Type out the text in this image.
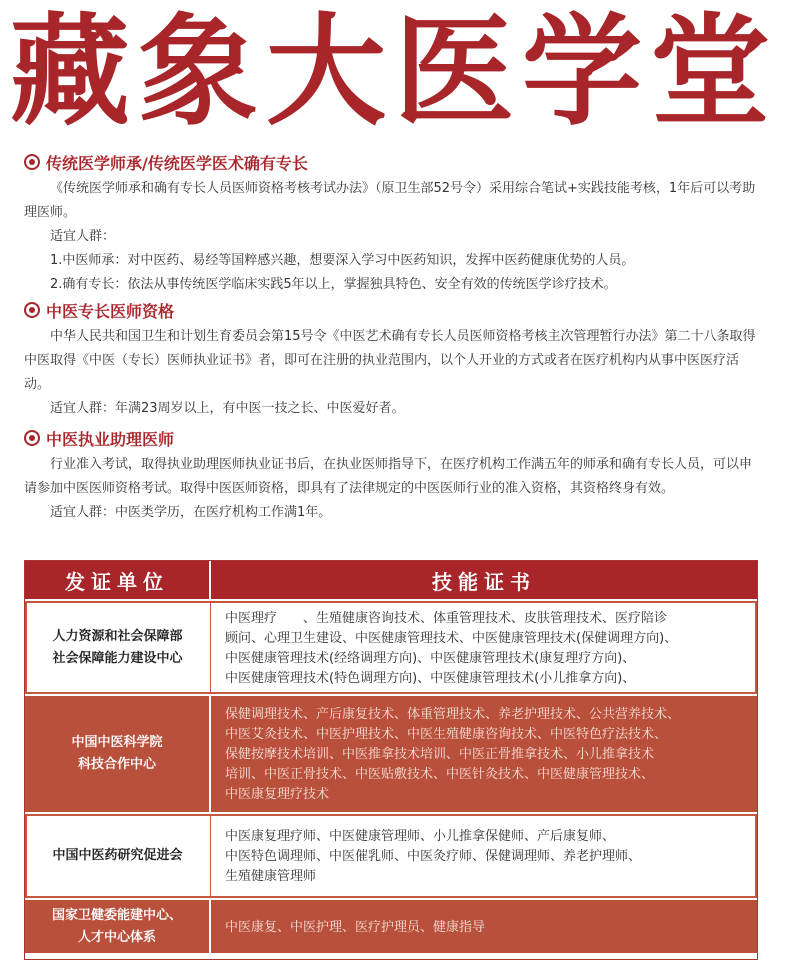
藏象大医学堂
传统医学师承/传统医学医术确有专长
《传统医学师承和确有专长人员医师资格考核考试办法》（原卫生部52号令）采用综合笔试+实践技能考核，1年后可以考助理医师。
适宜人群：
1.中医师承：对中医药、易经等国粹感兴趣，想要深入学习中医药知识，发挥中医药健康优势的人员。
2.确有专长：依法从事传统医学临床实践5年以上，掌握独具特色、安全有效的传统医学诊疗技术。
中医专长医师资格
中华人民共和国卫生和计划生育委员会第15号令《中医艺术确有专长人员医师资格考核主次管理暂行办法》第二十八条取得中医取得《中医（专长）医师执业证书》者，即可在注册的执业范围内，以个人开业的方式或者在医疗机构内从事中医医疗活动。
适宜人群：年满23周岁以上，有中医一技之长、中医爱好者。
中医执业助理医师
行业准入考试，取得执业助理医师执业证书后，在执业医师指导下，在医疗机构工作满五年的师承和确有专长人员，可以申请参加中医医师资格考试。取得中医医师资格，即具有了法律规定的中医医师行业的准入资格，其资格终身有效。
适宜人群：中医类学历，在医疗机构工作满1年。
发证单位	技能证书
人力资源和社会保障部
社会保障能力建设中心
中医理疗　　、生殖健康咨询技术、体重管理技术、皮肤管理技术、医疗陪诊
顾问、心理卫生建设、中医健康管理技术、中医健康管理技术(保健调理方向)、
中医健康管理技术(经络调理方向)、中医健康管理技术(康复理疗方向)、
中医健康管理技术(特色调理方向)、中医健康管理技术(小儿推拿方向)、
中国中医科学院
科技合作中心
保健调理技术、产后康复技术、体重管理技术、养老护理技术、公共营养技术、
中医艾灸技术、中医护理技术、中医生殖健康咨询技术、中医特色疗法技术、
保健按摩技术培训、中医推拿技术培训、中医正骨推拿技术、小儿推拿技术
培训、中医正骨技术、中医贴敷技术、中医针灸技术、中医健康管理技术、
中医康复理疗技术
中国中医药研究促进会
中医康复理疗师、中医健康管理师、小儿推拿保健师、产后康复师、
中医特色调理师、中医催乳师、中医灸疗师、保健调理师、养老护理师、
生殖健康管理师
国家卫健委能建中心、
人才中心体系
中医康复、中医护理、医疗护理员、健康指导
